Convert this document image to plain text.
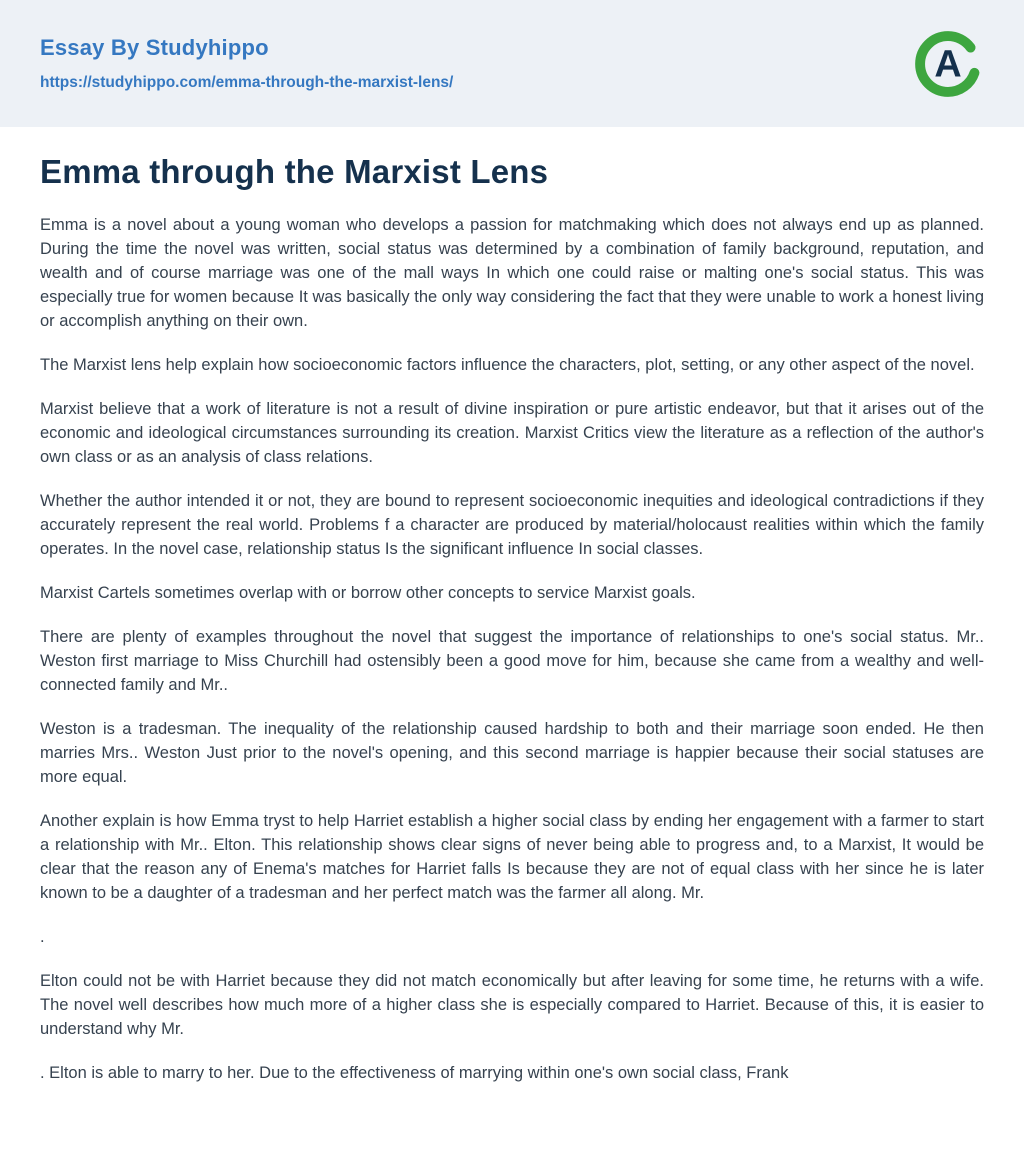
Essay By Studyhippo
https://studyhippo.com/emma-through-the-marxist-lens/	A
Emma through the Marxist Lens

Emma is a novel about a young woman who develops a passion for matchmaking which does not always end up as planned. During the time the novel was written, social status was determined by a combination of family background, reputation, and wealth and of course marriage was one of the mall ways In which one could raise or malting one's social status. This was especially true for women because It was basically the only way considering the fact that they were unable to work a honest living or accomplish anything on their own.

The Marxist lens help explain how socioeconomic factors influence the characters, plot, setting, or any other aspect of the novel.

Marxist believe that a work of literature is not a result of divine inspiration or pure artistic endeavor, but that it arises out of the economic and ideological circumstances surrounding its creation. Marxist Critics view the literature as a reflection of the author's own class or as an analysis of class relations.

Whether the author intended it or not, they are bound to represent socioeconomic inequities and ideological contradictions if they accurately represent the real world. Problems f a character are produced by material/holocaust realities within which the family operates. In the novel case, relationship status Is the significant influence In social classes.

Marxist Cartels sometimes overlap with or borrow other concepts to service Marxist goals.

There are plenty of examples throughout the novel that suggest the importance of relationships to one's social status. Mr.. Weston first marriage to Miss Churchill had ostensibly been a good move for him, because she came from a wealthy and well- connected family and Mr..

Weston is a tradesman. The inequality of the relationship caused hardship to both and their marriage soon ended. He then marries Mrs.. Weston Just prior to the novel's opening, and this second marriage is happier because their social statuses are more equal.

Another explain is how Emma tryst to help Harriet establish a higher social class by ending her engagement with a farmer to start a relationship with Mr.. Elton. This relationship shows clear signs of never being able to progress and, to a Marxist, It would be clear that the reason any of Enema's matches for Harriet falls Is because they are not of equal class with her since he is later known to be a daughter of a tradesman and her perfect match was the farmer all along. Mr.

.

Elton could not be with Harriet because they did not match economically but after leaving for some time, he returns with a wife. The novel well describes how much more of a higher class she is especially compared to Harriet. Because of this, it is easier to understand why Mr.

. Elton is able to marry to her. Due to the effectiveness of marrying within one's own social class, Frank
